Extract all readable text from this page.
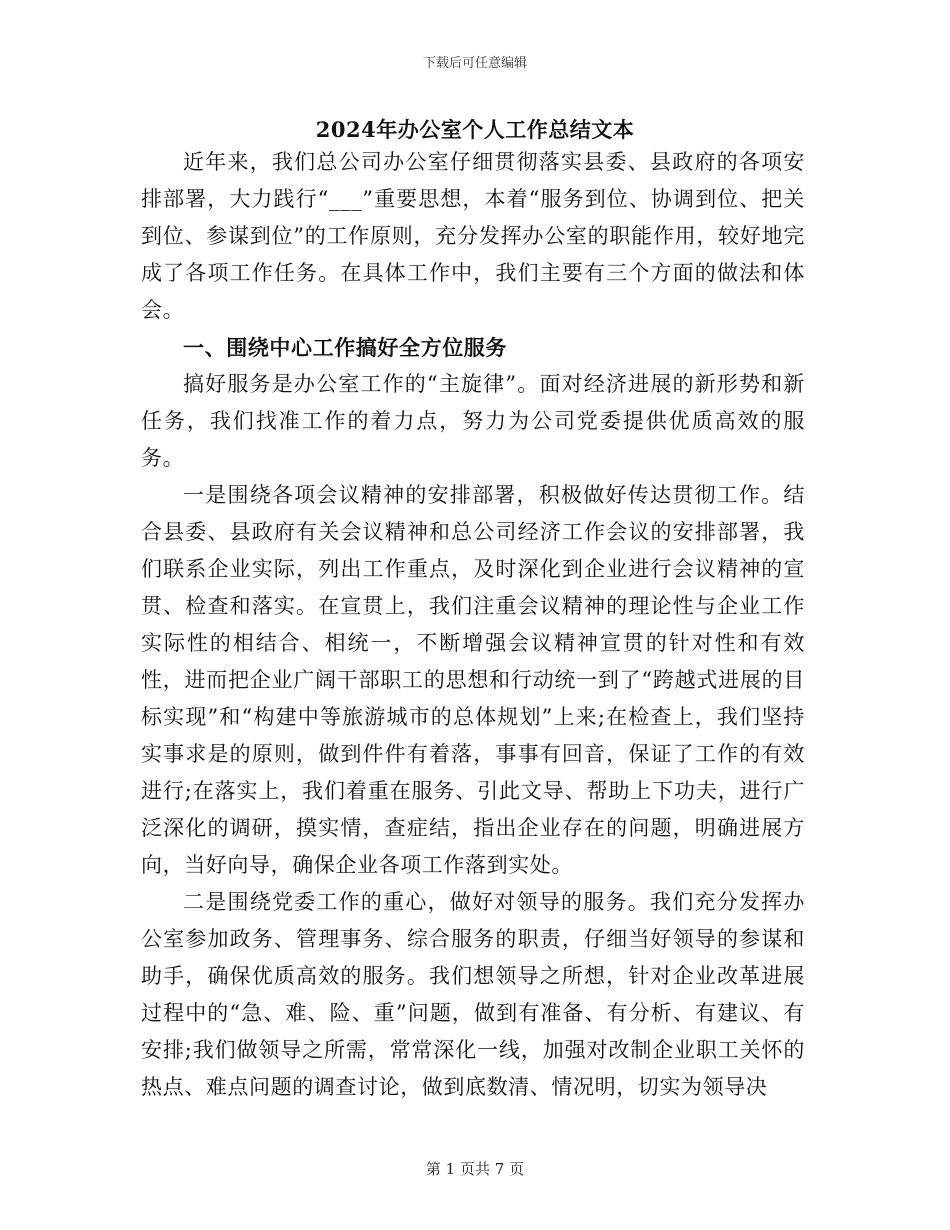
下载后可任意编辑
2024年办公室个人工作总结文本

近年来，我们总公司办公室仔细贯彻落实县委、县政府的各项安排部署，大力践行“___”重要思想，本着“服务到位、协调到位、把关到位、参谋到位”的工作原则，充分发挥办公室的职能作用，较好地完成了各项工作任务。在具体工作中，我们主要有三个方面的做法和体会。

一、围绕中心工作搞好全方位服务

搞好服务是办公室工作的“主旋律”。面对经济进展的新形势和新任务，我们找准工作的着力点，努力为公司党委提供优质高效的服务。

一是围绕各项会议精神的安排部署，积极做好传达贯彻工作。结合县委、县政府有关会议精神和总公司经济工作会议的安排部署，我们联系企业实际，列出工作重点，及时深化到企业进行会议精神的宣贯、检查和落实。在宣贯上，我们注重会议精神的理论性与企业工作实际性的相结合、相统一，不断增强会议精神宣贯的针对性和有效性，进而把企业广阔干部职工的思想和行动统一到了“跨越式进展的目标实现”和“构建中等旅游城市的总体规划”上来;在检查上，我们坚持实事求是的原则，做到件件有着落，事事有回音，保证了工作的有效进行;在落实上，我们着重在服务、引此文导、帮助上下功夫，进行广泛深化的调研，摸实情，查症结，指出企业存在的问题，明确进展方向，当好向导，确保企业各项工作落到实处。

二是围绕党委工作的重心，做好对领导的服务。我们充分发挥办公室参加政务、管理事务、综合服务的职责，仔细当好领导的参谋和助手，确保优质高效的服务。我们想领导之所想，针对企业改革进展过程中的“急、难、险、重”问题，做到有准备、有分析、有建议、有安排;我们做领导之所需，常常深化一线，加强对改制企业职工关怀的热点、难点问题的调查讨论，做到底数清、情况明，切实为领导决

第 1 页共 7 页
